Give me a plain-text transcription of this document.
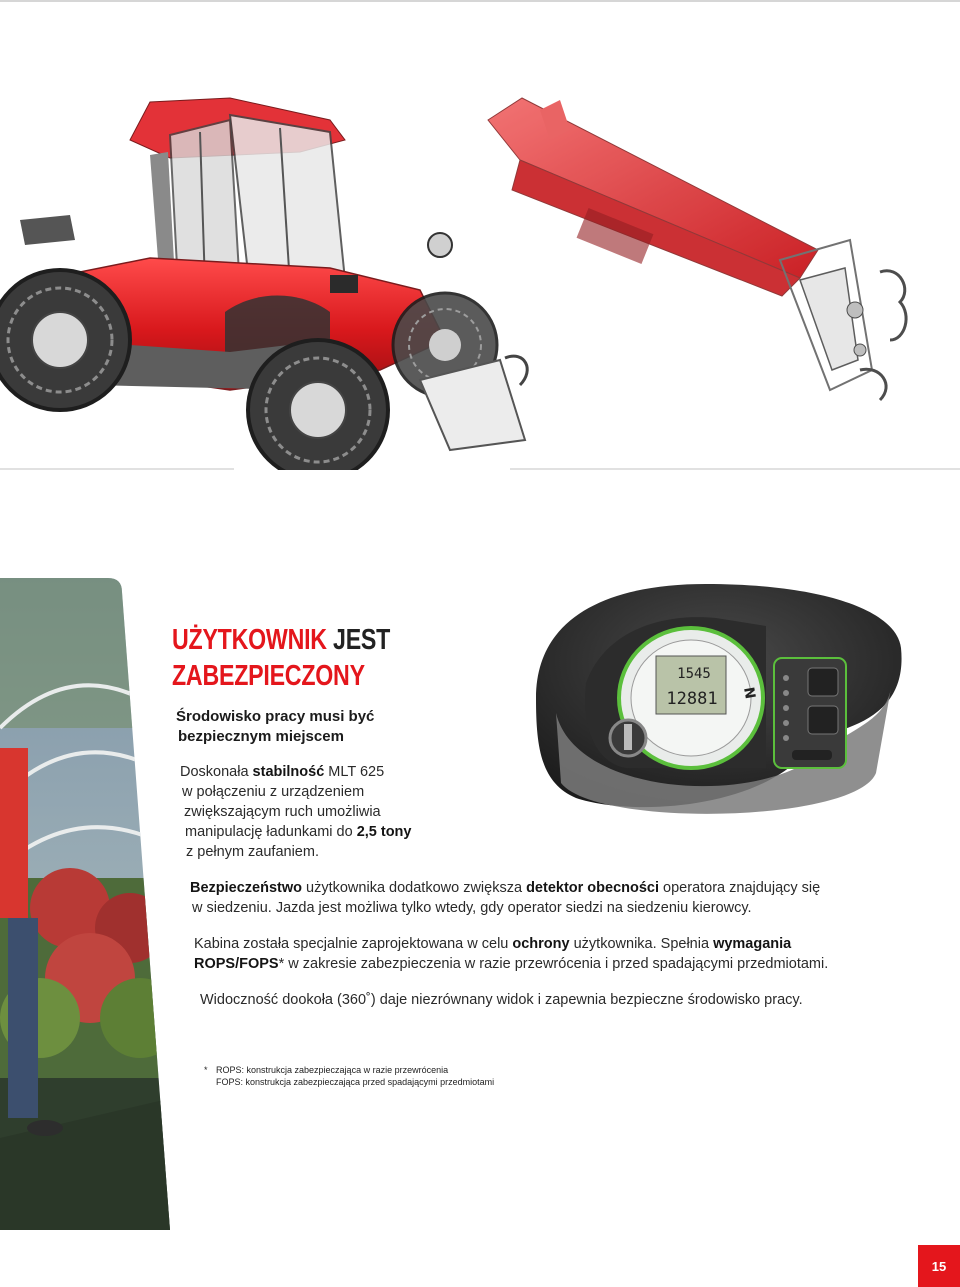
1545
12881 N
UŻYTKOWNIK JEST
ZABEZPIECZONY

Środowisko pracy musi być
bezpiecznym miejscem

Doskonała stabilność MLT 625
w połączeniu z urządzeniem
zwiększającym ruch umożliwia
manipulację ładunkami do 2,5 tony
z pełnym zaufaniem.

Bezpieczeństwo użytkownika dodatkowo zwiększa detektor obecności operatora znajdujący się
w siedzeniu. Jazda jest możliwa tylko wtedy, gdy operator siedzi na siedzeniu kierowcy.

Kabina została specjalnie zaprojektowana w celu ochrony użytkownika. Spełnia wymagania
ROPS/FOPS* w zakresie zabezpieczenia w razie przewrócenia i przed spadającymi przedmiotami.

Widoczność dookoła (360˚) daje niezrównany widok i zapewnia bezpieczne środowisko pracy.

* ROPS: konstrukcja zabezpieczająca w razie przewrócenia
FOPS: konstrukcja zabezpieczająca przed spadającymi przedmiotami
15
